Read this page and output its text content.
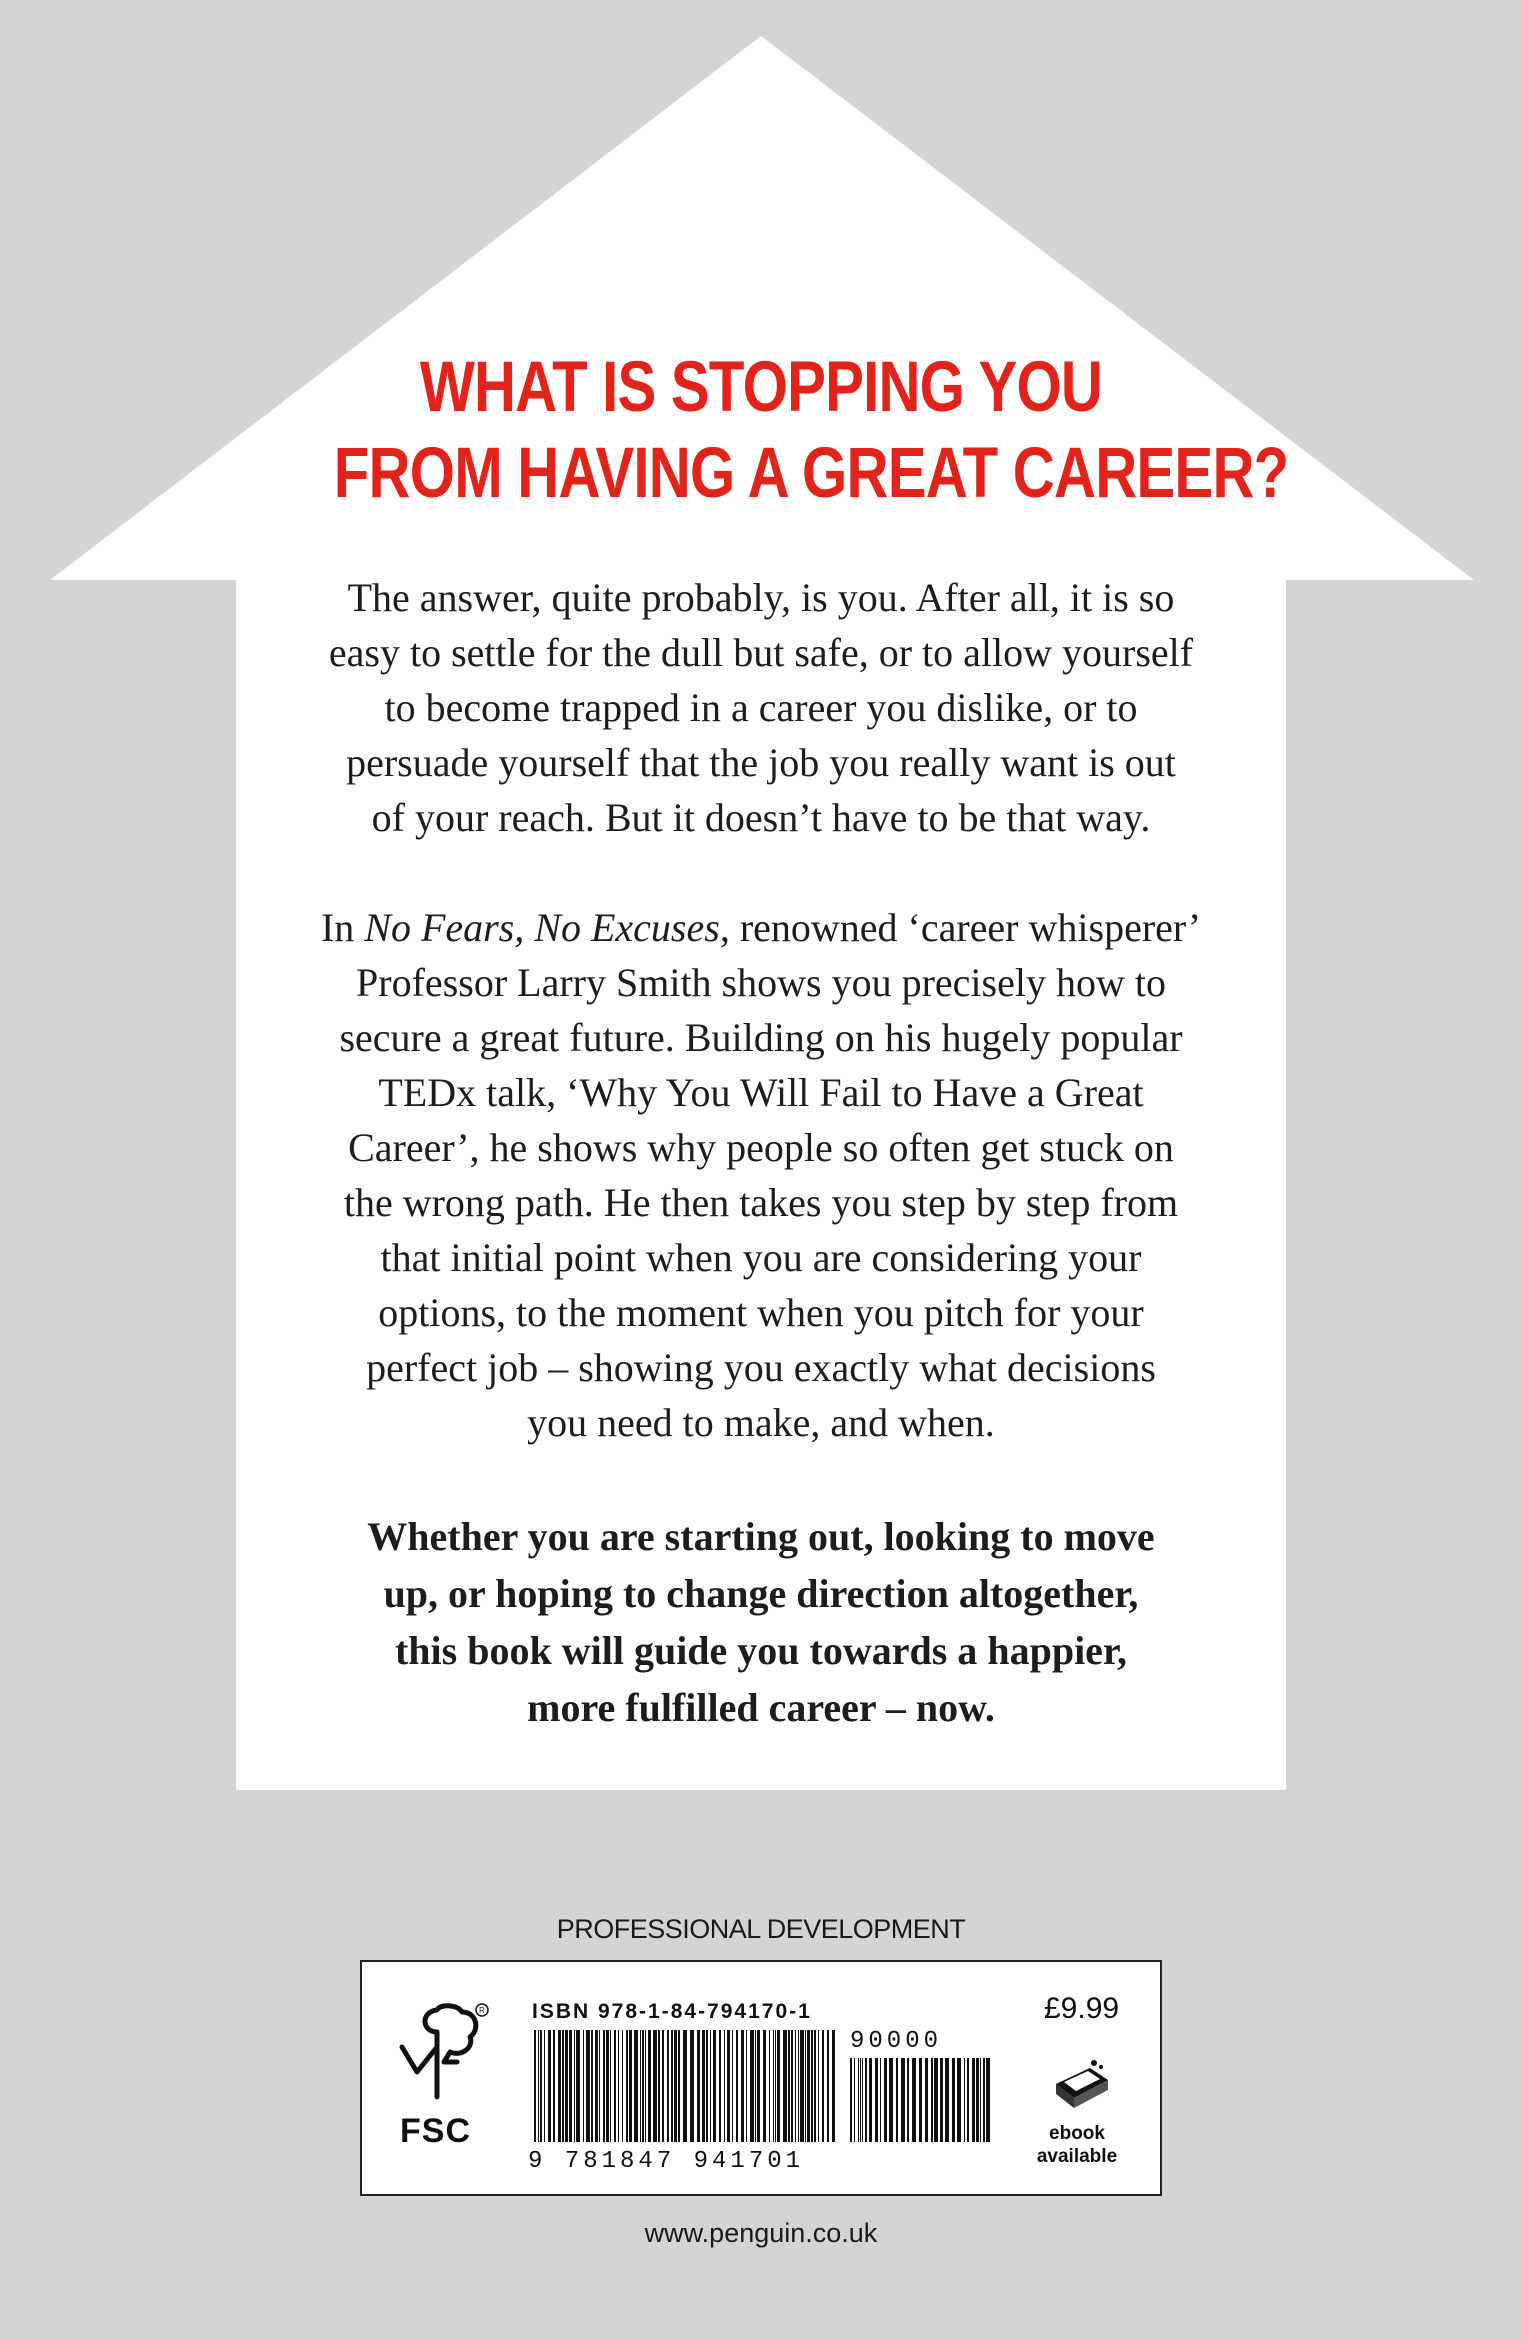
WHAT IS STOPPING YOU
FROM HAVING A GREAT CAREER?
The answer, quite probably, is you. After all, it is so
easy to settle for the dull but safe, or to allow yourself
to become trapped in a career you dislike, or to
persuade yourself that the job you really want is out
of your reach. But it doesn’t have to be that way.
In No Fears, No Excuses, renowned ‘career whisperer’
Professor Larry Smith shows you precisely how to
secure a great future. Building on his hugely popular
TEDx talk, ‘Why You Will Fail to Have a Great
Career’, he shows why people so often get stuck on
the wrong path. He then takes you step by step from
that initial point when you are considering your
options, to the moment when you pitch for your
perfect job – showing you exactly what decisions
you need to make, and when.
Whether you are starting out, looking to move
up, or hoping to change direction altogether,
this book will guide you towards a happier,
more fulfilled career – now.
PROFESSIONAL DEVELOPMENT
R
FSC
ISBN 978-1-84-794170-1
9 781847 941701
90000
£9.99
ebook
available
www.penguin.co.uk
